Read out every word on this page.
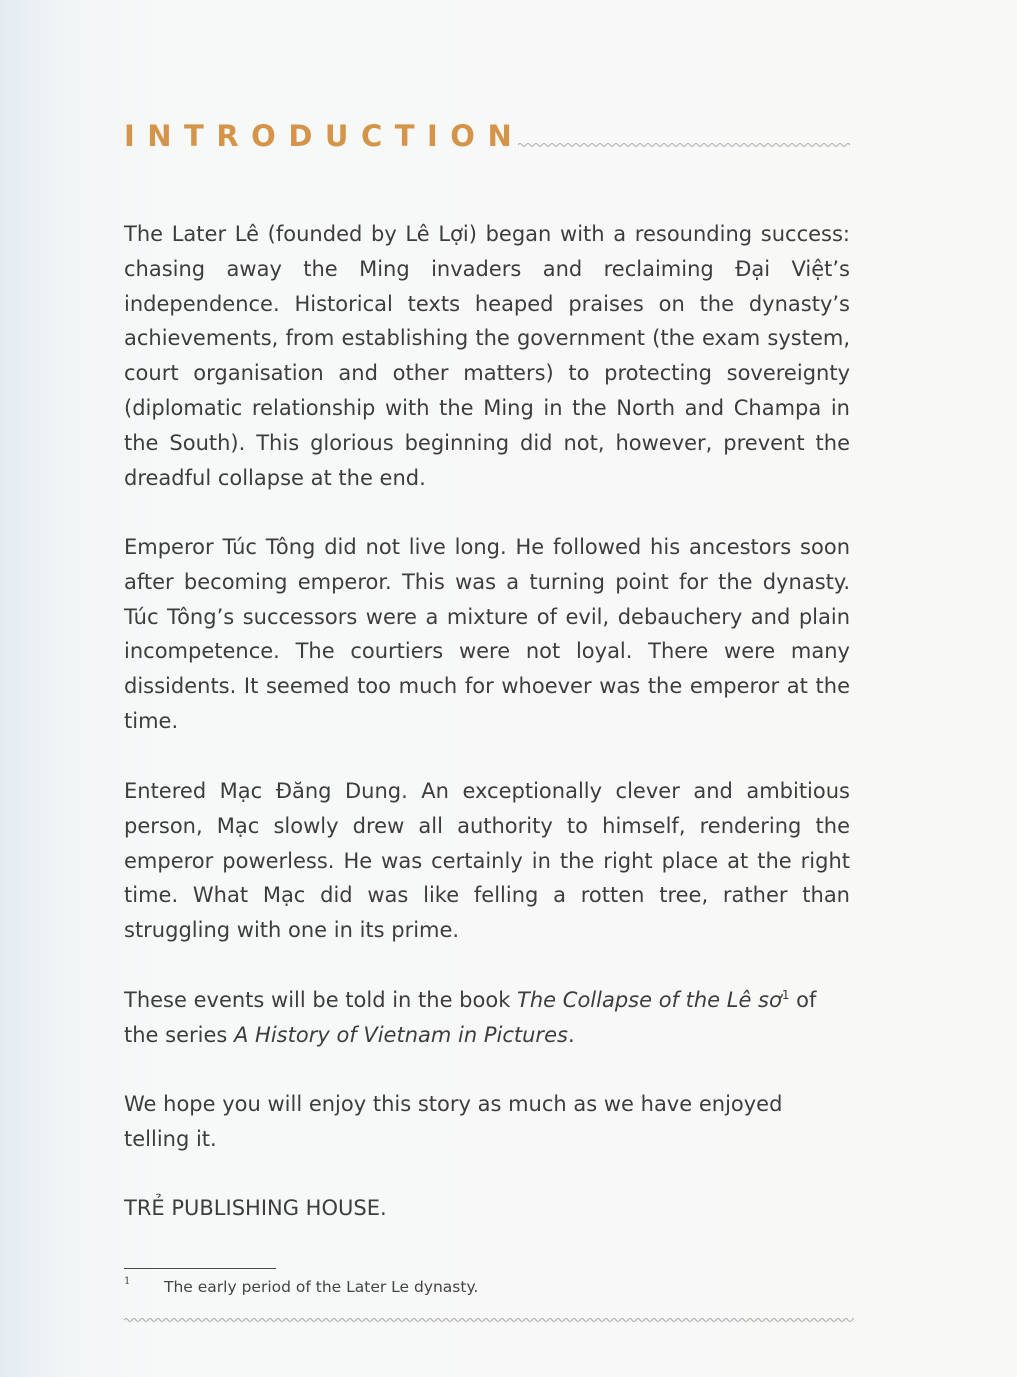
INTRODUCTION

The Later Lê (founded by Lê Lợi) began with a resounding success: chasing away the Ming invaders and reclaiming Đại Việt’s independence. Historical texts heaped praises on the dynasty’s achievements, from establishing the government (the exam system, court organisation and other matters) to protecting sovereignty (diplomatic relationship with the Ming in the North and Champa in the South). This glorious beginning did not, however, prevent the dreadful collapse at the end.

Emperor Túc Tông did not live long. He followed his ancestors soon after becoming emperor. This was a turning point for the dynasty. Túc Tông’s successors were a mixture of evil, debauchery and plain incompetence. The courtiers were not loyal. There were many dissidents. It seemed too much for whoever was the emperor at the time.

Entered Mạc Đăng Dung. An exceptionally clever and ambitious person, Mạc slowly drew all authority to himself, rendering the emperor powerless. He was certainly in the right place at the right time. What Mạc did was like felling a rotten tree, rather than struggling with one in its prime.

These events will be told in the book The Collapse of the Lê $sơ^1$ of the series A History of Vietnam in Pictures.

We hope you will enjoy this story as much as we have enjoyed telling it.

TRẺ PUBLISHING HOUSE.

1 The early period of the Later Le dynasty.
